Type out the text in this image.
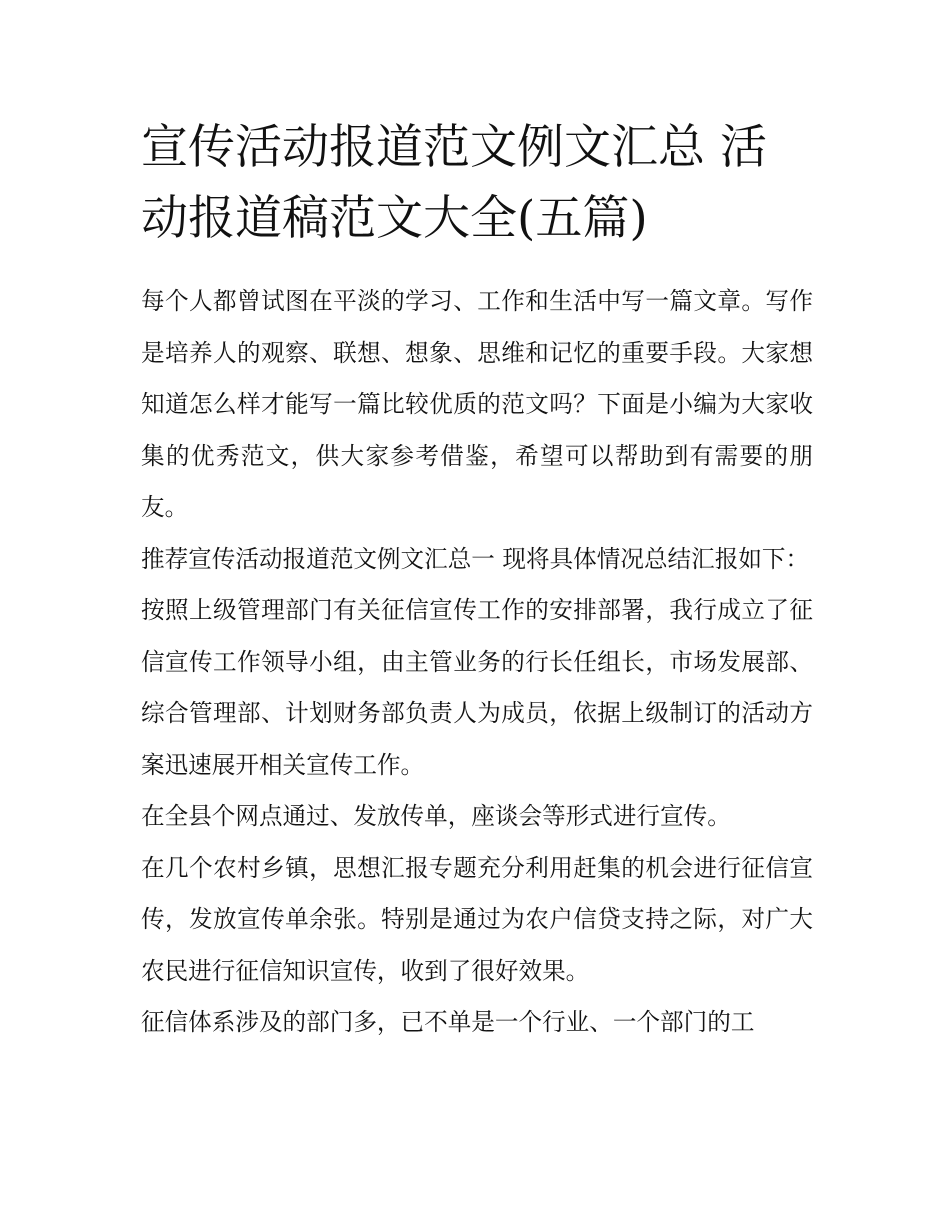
宣传活动报道范文例文汇总 活动报道稿范文大全(五篇)

每个人都曾试图在平淡的学习、工作和生活中写一篇文章。写作是培养人的观察、联想、想象、思维和记忆的重要手段。大家想知道怎么样才能写一篇比较优质的范文吗？下面是小编为大家收集的优秀范文，供大家参考借鉴，希望可以帮助到有需要的朋友。

推荐宣传活动报道范文例文汇总一 现将具体情况总结汇报如下：

按照上级管理部门有关征信宣传工作的安排部署，我行成立了征信宣传工作领导小组，由主管业务的行长任组长，市场发展部、综合管理部、计划财务部负责人为成员，依据上级制订的活动方案迅速展开相关宣传工作。

在全县个网点通过、发放传单，座谈会等形式进行宣传。

在几个农村乡镇，思想汇报专题充分利用赶集的机会进行征信宣传，发放宣传单余张。特别是通过为农户信贷支持之际，对广大农民进行征信知识宣传，收到了很好效果。

征信体系涉及的部门多，已不单是一个行业、一个部门的工
